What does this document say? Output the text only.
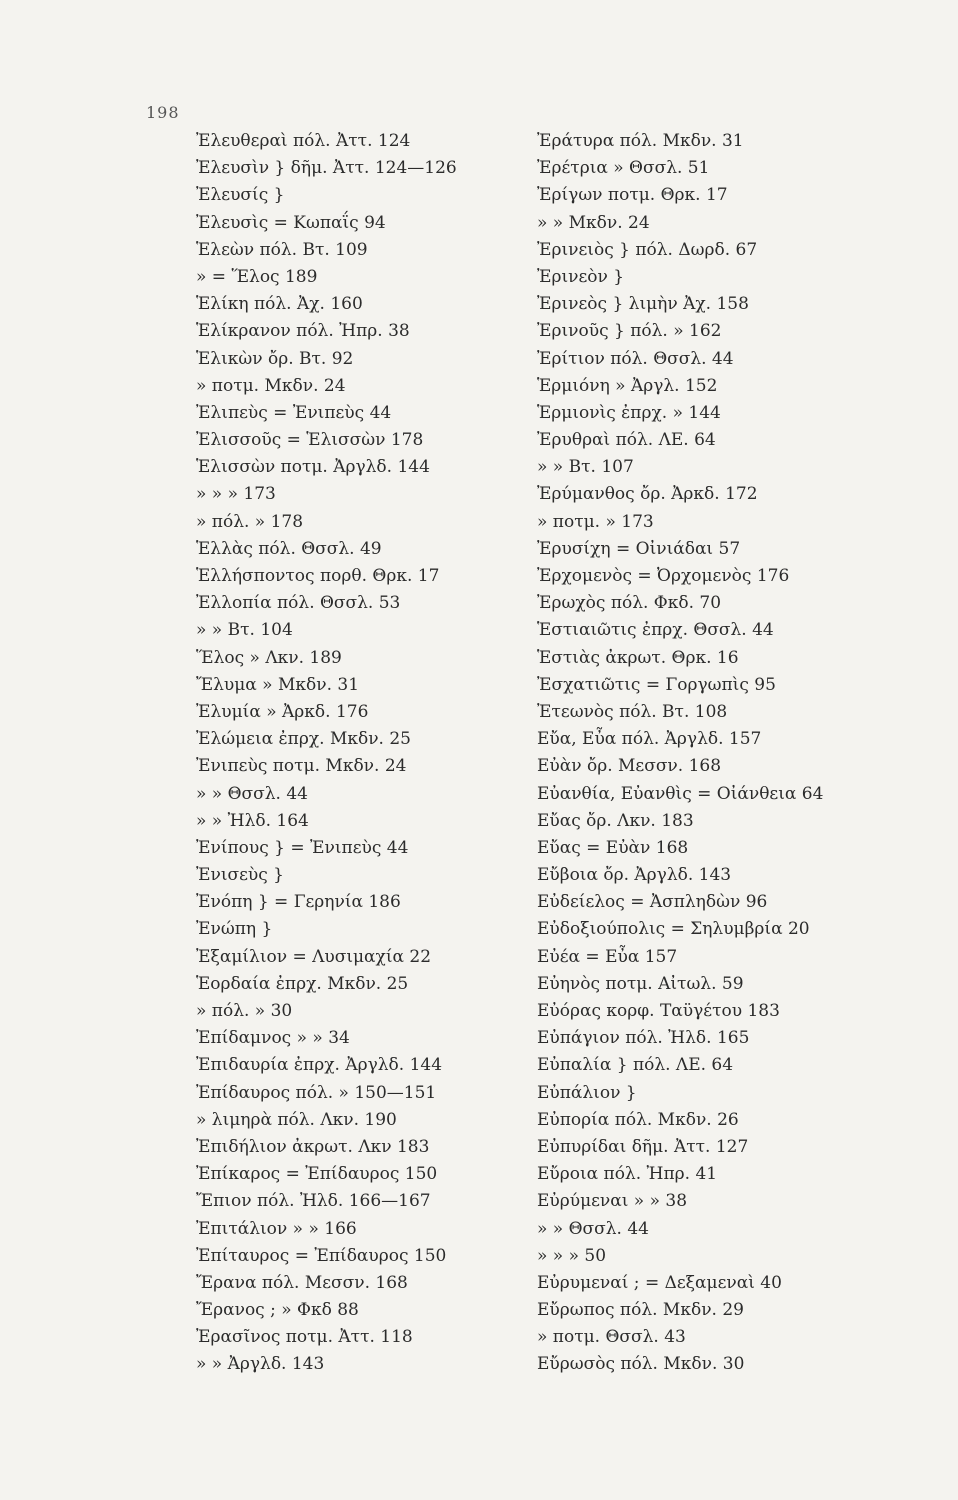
198
Ἐλευθεραὶ πόλ. Ἀττ. 124
Ἐλευσὶν } δῆμ. Ἀττ. 124—126
Ἐλευσίς }
Ἐλευσὶς = Κωπαΐς 94
Ἑλεὼν πόλ. Βτ. 109
» = Ἕλος 189
Ἑλίκη πόλ. Ἀχ. 160
Ἑλίκρανον πόλ. Ἠπρ. 38
Ἑλικὼν ὄρ. Βτ. 92
» ποτμ. Μκδν. 24
Ἐλιπεὺς = Ἐνιπεὺς 44
Ἐλισσοῦς = Ἑλισσὼν 178
Ἑλισσὼν ποτμ. Ἀργλδ. 144
» » » 173
» πόλ. » 178
Ἑλλὰς πόλ. Θσσλ. 49
Ἑλλήσποντος πορθ. Θρκ. 17
Ἐλλοπία πόλ. Θσσλ. 53
» » Βτ. 104
Ἕλος » Λκν. 189
Ἔλυμα » Μκδν. 31
Ἐλυμία » Ἀρκδ. 176
Ἐλώμεια ἐπρχ. Μκδν. 25
Ἐνιπεὺς ποτμ. Μκδν. 24
» » Θσσλ. 44
» » Ἠλδ. 164
Ἐνίπους } = Ἐνιπεὺς 44
Ἐνισεὺς }
Ἐνόπη } = Γερηνία 186
Ἐνώπη }
Ἐξαμίλιον = Λυσιμαχία 22
Ἑορδαία ἐπρχ. Μκδν. 25
» πόλ. » 30
Ἐπίδαμνος » » 34
Ἐπιδαυρία ἐπρχ. Ἀργλδ. 144
Ἐπίδαυρος πόλ. » 150—151
» λιμηρὰ πόλ. Λκν. 190
Ἐπιδήλιον ἀκρωτ. Λκν 183
Ἐπίκαρος = Ἐπίδαυρος 150
Ἔπιον πόλ. Ἠλδ. 166—167
Ἐπιτάλιον » » 166
Ἐπίταυρος = Ἐπίδαυρος 150
Ἔρανα πόλ. Μεσσν. 168
Ἔρανος ; » Φκδ 88
Ἐρασῖνος ποτμ. Ἀττ. 118
» » Ἀργλδ. 143
Ἐράτυρα πόλ. Μκδν. 31
Ἐρέτρια » Θσσλ. 51
Ἐρίγων ποτμ. Θρκ. 17
» » Μκδν. 24
Ἐρινειὸς } πόλ. Δωρδ. 67
Ἐρινεὸν }
Ἐρινεὸς } λιμὴν Ἀχ. 158
Ἐρινοῦς } πόλ. » 162
Ἐρίτιον πόλ. Θσσλ. 44
Ἑρμιόνη » Ἀργλ. 152
Ἑρμιονὶς ἐπρχ. » 144
Ἐρυθραὶ πόλ. ΛΕ. 64
» » Βτ. 107
Ἐρύμανθος ὄρ. Ἀρκδ. 172
» ποτμ. » 173
Ἐρυσίχη = Οἰνιάδαι 57
Ἐρχομενὸς = Ὀρχομενὸς 176
Ἐρωχὸς πόλ. Φκδ. 70
Ἑστιαιῶτις ἐπρχ. Θσσλ. 44
Ἑστιὰς ἀκρωτ. Θρκ. 16
Ἐσχατιῶτις = Γοργωπὶς 95
Ἐτεωνὸς πόλ. Βτ. 108
Εὔα, Εὖα πόλ. Ἀργλδ. 157
Εὐὰν ὄρ. Μεσσν. 168
Εὐανθία, Εὐανθὶς = Οἰάνθεια 64
Εὔας ὄρ. Λκν. 183
Εὔας = Εὐὰν 168
Εὔβοια ὄρ. Ἀργλδ. 143
Εὐδείελος = Ἀσπληδὼν 96
Εὐδοξιούπολις = Σηλυμβρία 20
Εὐέα = Εὖα 157
Εὐηνὸς ποτμ. Αἰτωλ. 59
Εὐόρας κορφ. Ταϋγέτου 183
Εὐπάγιον πόλ. Ἠλδ. 165
Εὐπαλία } πόλ. ΛΕ. 64
Εὐπάλιον }
Εὐπορία πόλ. Μκδν. 26
Εὐπυρίδαι δῆμ. Ἀττ. 127
Εὔροια πόλ. Ἠπρ. 41
Εὐρύμεναι » » 38
» » Θσσλ. 44
» » » 50
Εὐρυμεναί ; = Δεξαμεναὶ 40
Εὔρωπος πόλ. Μκδν. 29
» ποτμ. Θσσλ. 43
Εὔρωσὸς πόλ. Μκδν. 30
